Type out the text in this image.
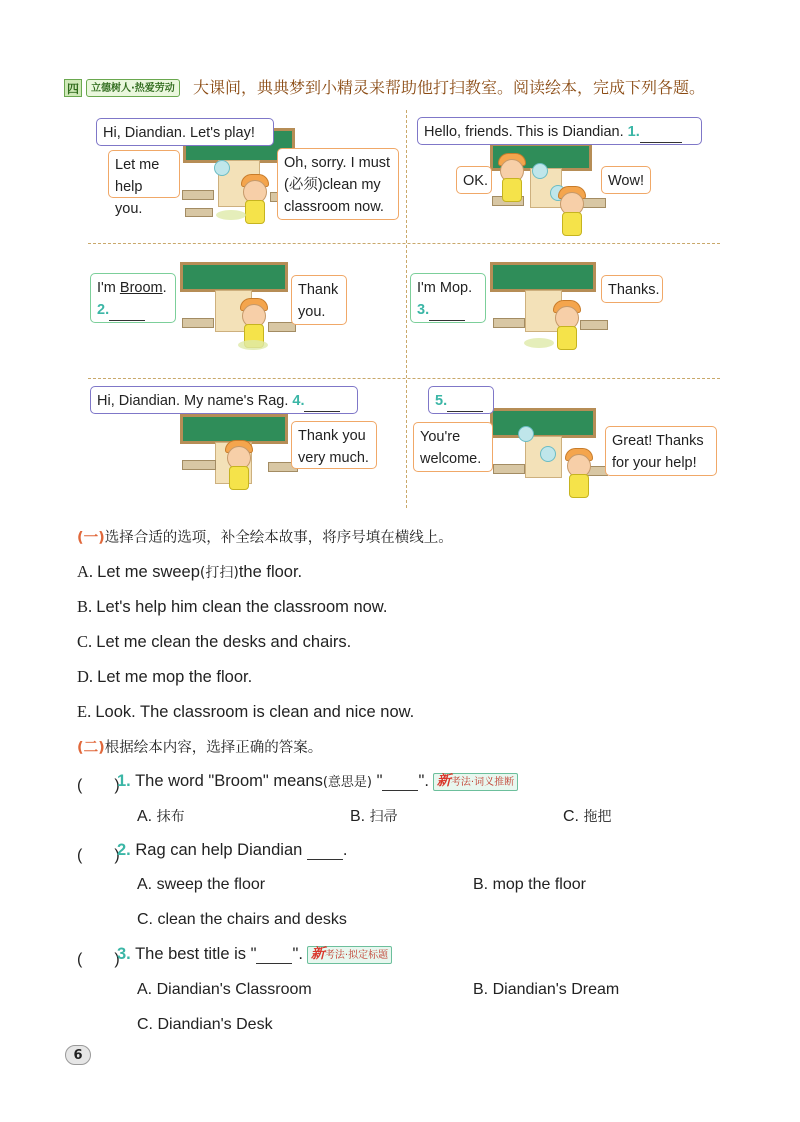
四	立德树人·热爱劳动	大课间，典典梦到小精灵来帮助他打扫教室。阅读绘本，完成下列各题。
Hi, Diandian. Let's play!
Let me
help you.
Oh, sorry. I must
(必须)clean my
classroom now.
Hello, friends. This is Diandian. 1.
OK.	Wow!
I'm Broom.
2.
Thank
you.
I'm Mop.
3.
Thanks.
Hi, Diandian. My name's Rag. 4.
Thank you
very much.
5.
You're
welcome.
Great! Thanks
for your help!
(一)选择合适的选项，补全绘本故事，将序号填在横线上。
A. Let me sweep(打扫)the floor.
B. Let's help him clean the classroom now.
C. Let me clean the desks and chairs.
D. Let me mop the floor.
E. Look. The classroom is clean and nice now.
(二)根据绘本内容，选择正确的答案。
(　　)
1. The word "Broom" means(意思是) " ". 新考法·词义推断
A. 抹布	B. 扫帚	C. 拖把
(　　)
2. Rag can help Diandian .
A. sweep the floor	B. mop the floor
C. clean the chairs and desks
(　　)
3. The best title is " ". 新考法·拟定标题
A. Diandian's Classroom	B. Diandian's Dream
C. Diandian's Desk
6
